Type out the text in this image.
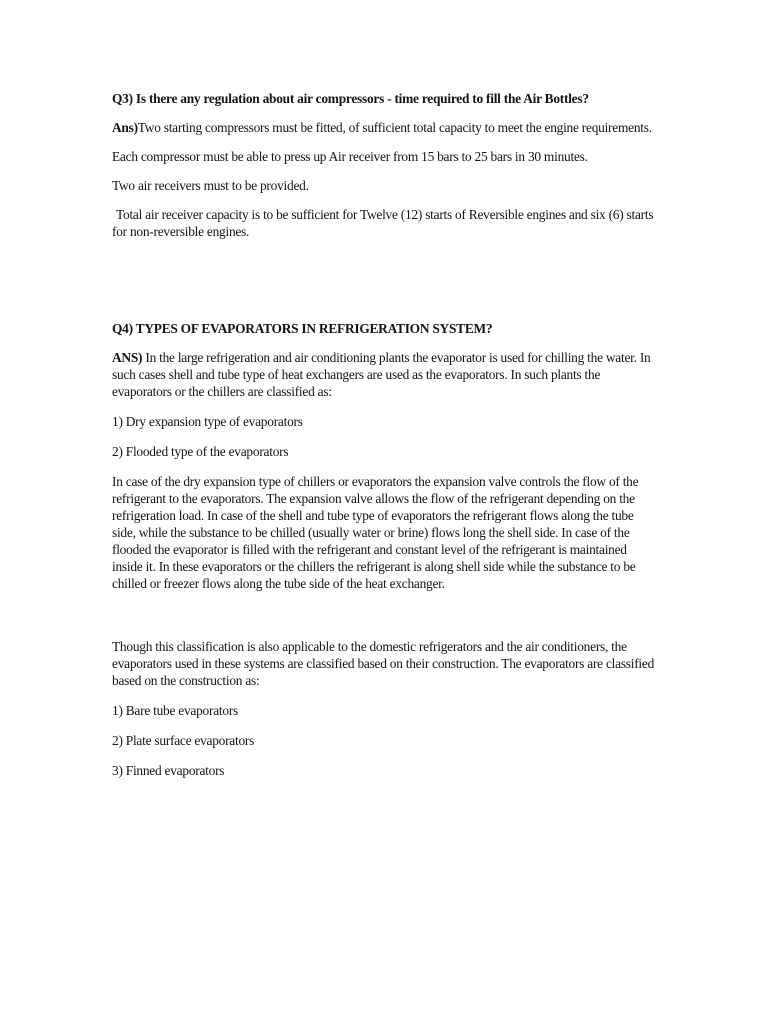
Q3) Is there any regulation about air compressors - time required to fill the Air Bottles?

Ans)Two starting compressors must be fitted, of sufficient total capacity to meet the engine requirements.

Each compressor must be able to press up Air receiver from 15 bars to 25 bars in 30 minutes.

Two air receivers must to be provided.

Total air receiver capacity is to be sufficient for Twelve (12) starts of Reversible engines and six (6) starts for non-reversible engines.

Q4) TYPES OF EVAPORATORS IN REFRIGERATION SYSTEM?

ANS) In the large refrigeration and air conditioning plants the evaporator is used for chilling the water. In such cases shell and tube type of heat exchangers are used as the evaporators. In such plants the evaporators or the chillers are classified as:

1) Dry expansion type of evaporators

2) Flooded type of the evaporators

In case of the dry expansion type of chillers or evaporators the expansion valve controls the flow of the refrigerant to the evaporators. The expansion valve allows the flow of the refrigerant depending on the refrigeration load. In case of the shell and tube type of evaporators the refrigerant flows along the tube side, while the substance to be chilled (usually water or brine) flows long the shell side. In case of the flooded the evaporator is filled with the refrigerant and constant level of the refrigerant is maintained inside it. In these evaporators or the chillers the refrigerant is along shell side while the substance to be chilled or freezer flows along the tube side of the heat exchanger.

Though this classification is also applicable to the domestic refrigerators and the air conditioners, the evaporators used in these systems are classified based on their construction. The evaporators are classified based on the construction as:

1) Bare tube evaporators

2) Plate surface evaporators

3) Finned evaporators
